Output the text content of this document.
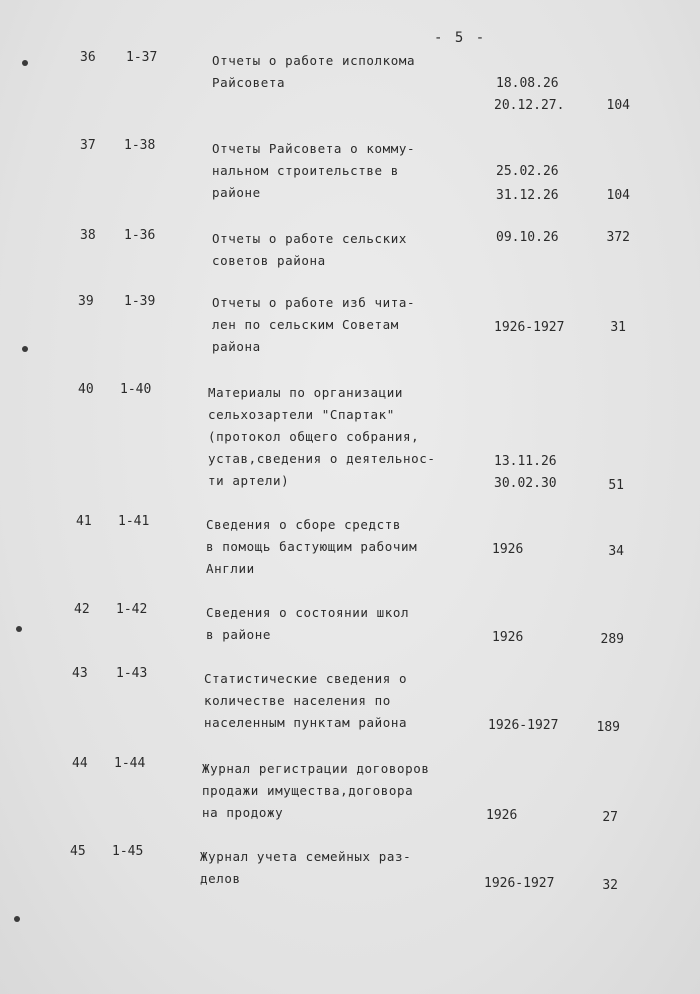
- 5 -
36 1-37	Отчеты о работе исполкома
Райсовета	18.08.26
20.12.27.	104
37 1-38	Отчеты Райсовета о комму-
нальном строительстве в
районе
25.02.26
31.12.26	104
38 1-36	Отчеты о работе сельских
советов района
09.10.26	372
39 1-39	Отчеты о работе изб чита-
лен по сельским Советам
района
1926-1927	31
40 1-40	Материалы по организации
сельхозартели "Спартак"
(протокол общего собрания,
устав,сведения о деятельнос-
ти артели)
13.11.26
30.02.30	51
41 1-41	Сведения о сборе средств
в помощь бастующим рабочим
Англии
1926	34
42 1-42	Сведения о состоянии школ
в районе	1926	289
43 1-43	Статистические сведения о
количестве населения по
населенным пунктам района	1926-1927	189
44 1-44	Журнал регистрации договоров
продажи имущества,договора
на продожу	1926	27
45 1-45	Журнал учета семейных раз-
делов	1926-1927	32
